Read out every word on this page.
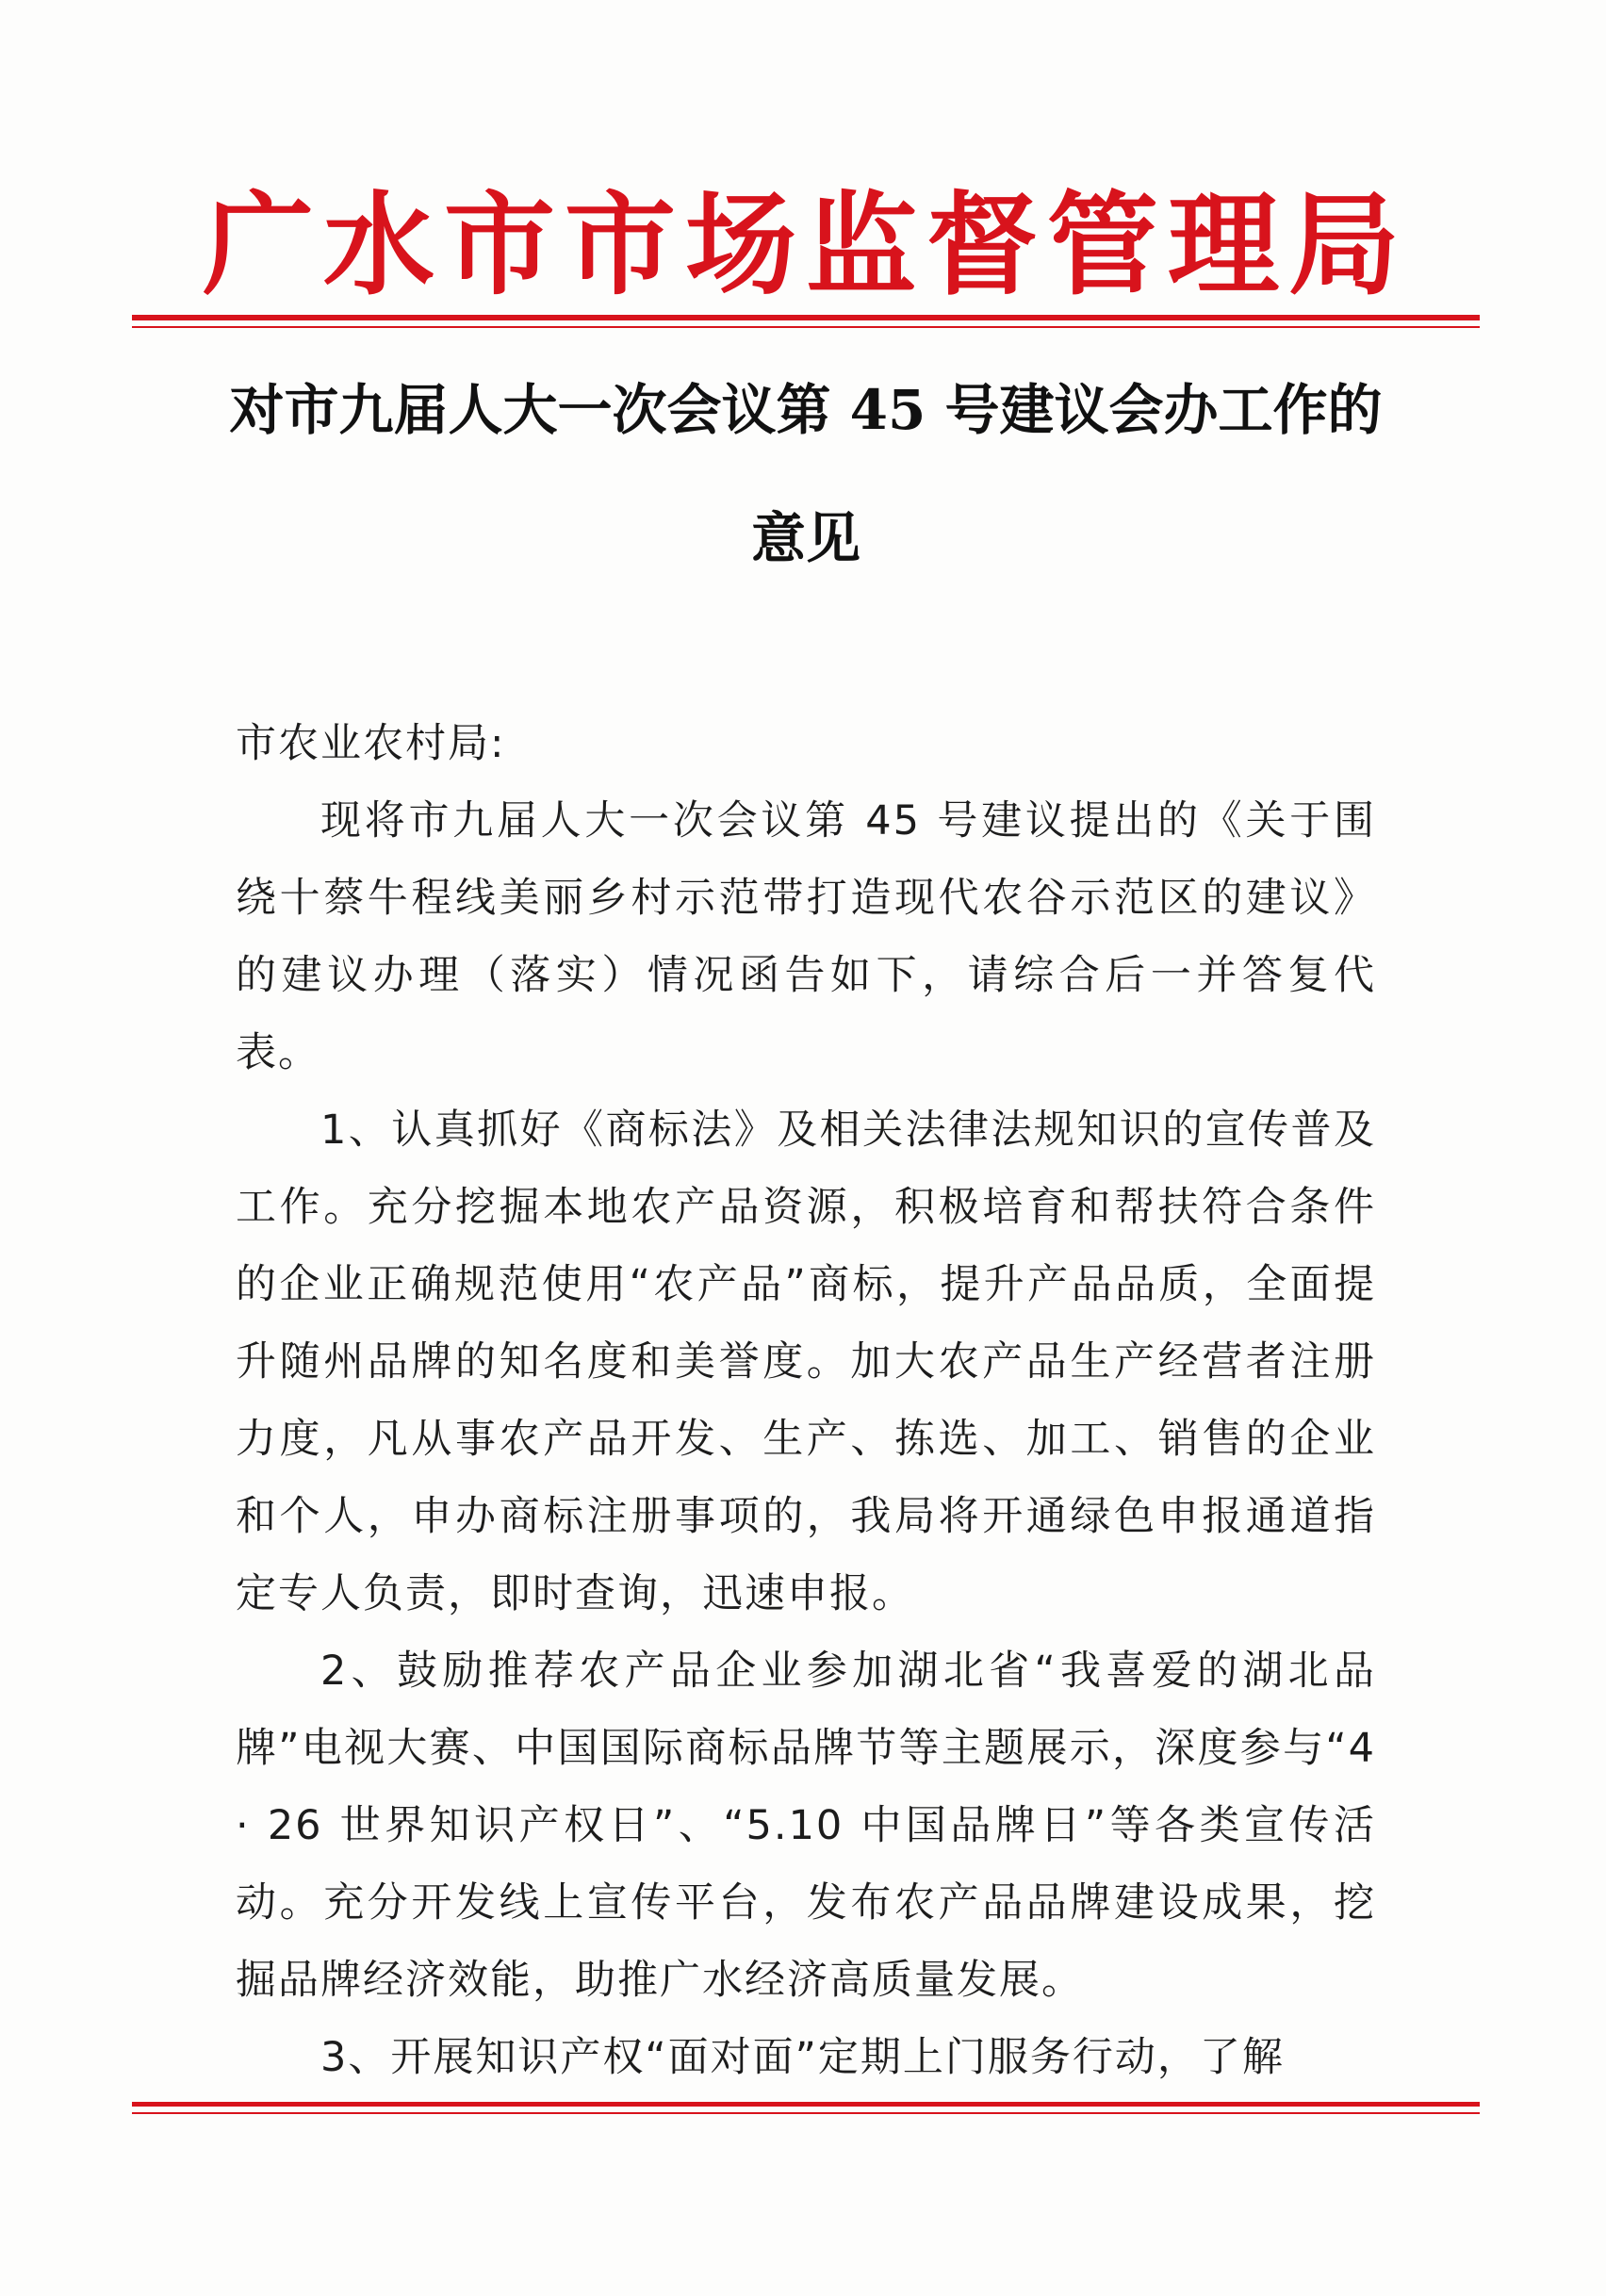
广水市市场监督管理局
对市九届人大一次会议第 45 号建议会办工作的
意见
市农业农村局:

现将市九届人大一次会议第 45 号建议提出的《关于围绕十蔡牛程线美丽乡村示范带打造现代农谷示范区的建议》的建议办理（落实）情况函告如下，请综合后一并答复代表。

1、认真抓好《商标法》及相关法律法规知识的宣传普及工作。充分挖掘本地农产品资源，积极培育和帮扶符合条件的企业正确规范使用“农产品”商标，提升产品品质，全面提升随州品牌的知名度和美誉度。加大农产品生产经营者注册力度，凡从事农产品开发、生产、拣选、加工、销售的企业和个人，申办商标注册事项的，我局将开通绿色申报通道指定专人负责，即时查询，迅速申报。

2、鼓励推荐农产品企业参加湖北省“我喜爱的湖北品牌”电视大赛、中国国际商标品牌节等主题展示，深度参与“4 · 26 世界知识产权日”、“5.10 中国品牌日”等各类宣传活动。充分开发线上宣传平台，发布农产品品牌建设成果，挖掘品牌经济效能，助推广水经济高质量发展。

3、开展知识产权“面对面”定期上门服务行动，了解
